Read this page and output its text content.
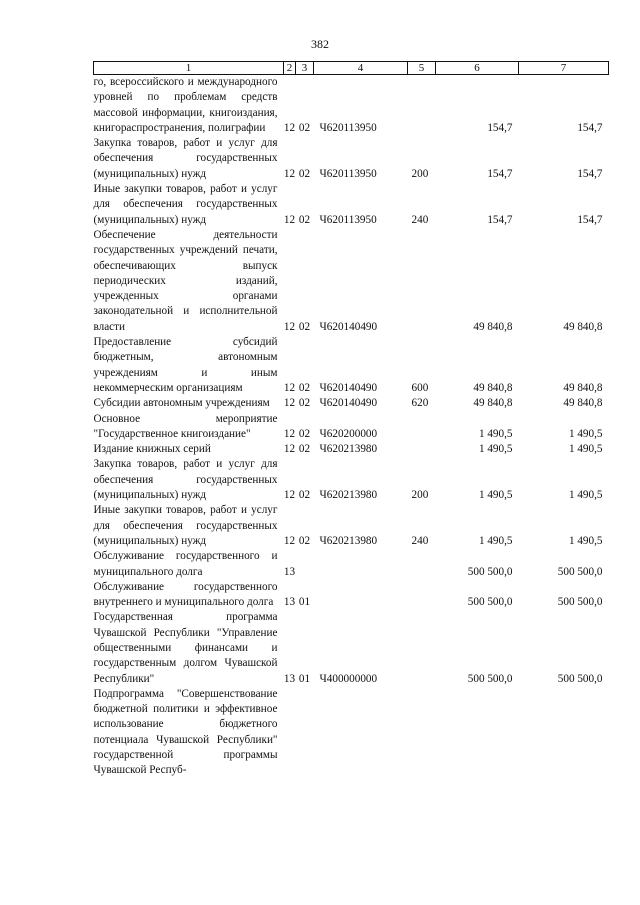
382
1	2	3	4	5	6	7
го, всероссийского и международного уровней по проблемам средств массовой информации, книгоиздания, книгораспространения, полиграфии	12	02	Ч620113950		154,7	154,7
Закупка товаров, работ и услуг для обеспечения государственных (муниципальных) нужд	12	02	Ч620113950	200	154,7	154,7
Иные закупки товаров, работ и услуг для обеспечения государственных (муниципальных) нужд	12	02	Ч620113950	240	154,7	154,7
Обеспечение деятельности государственных учреждений печати, обеспечивающих выпуск периодических изданий, учрежденных органами законодательной и исполнительной власти	12	02	Ч620140490		49 840,8	49 840,8
Предоставление субсидий бюджетным, автономным учреждениям и иным некоммерческим организациям	12	02	Ч620140490	600	49 840,8	49 840,8
Субсидии автономным учреждениям	12	02	Ч620140490	620	49 840,8	49 840,8
Основное мероприятие "Государственное книгоиздание"	12	02	Ч620200000		1 490,5	1 490,5
Издание книжных серий	12	02	Ч620213980		1 490,5	1 490,5
Закупка товаров, работ и услуг для обеспечения государственных (муниципальных) нужд	12	02	Ч620213980	200	1 490,5	1 490,5
Иные закупки товаров, работ и услуг для обеспечения государственных (муниципальных) нужд	12	02	Ч620213980	240	1 490,5	1 490,5
Обслуживание государственного и муниципального долга	13				500 500,0	500 500,0
Обслуживание государственного внутреннего и муниципального долга	13	01			500 500,0	500 500,0
Государственная программа Чувашской Республики "Управление общественными финансами и государственным долгом Чувашской Республики"	13	01	Ч400000000		500 500,0	500 500,0
Подпрограмма "Совершенствование бюджетной политики и эффективное использование бюджетного потенциала Чувашской Республики" государственной программы Чувашской Респуб-						
